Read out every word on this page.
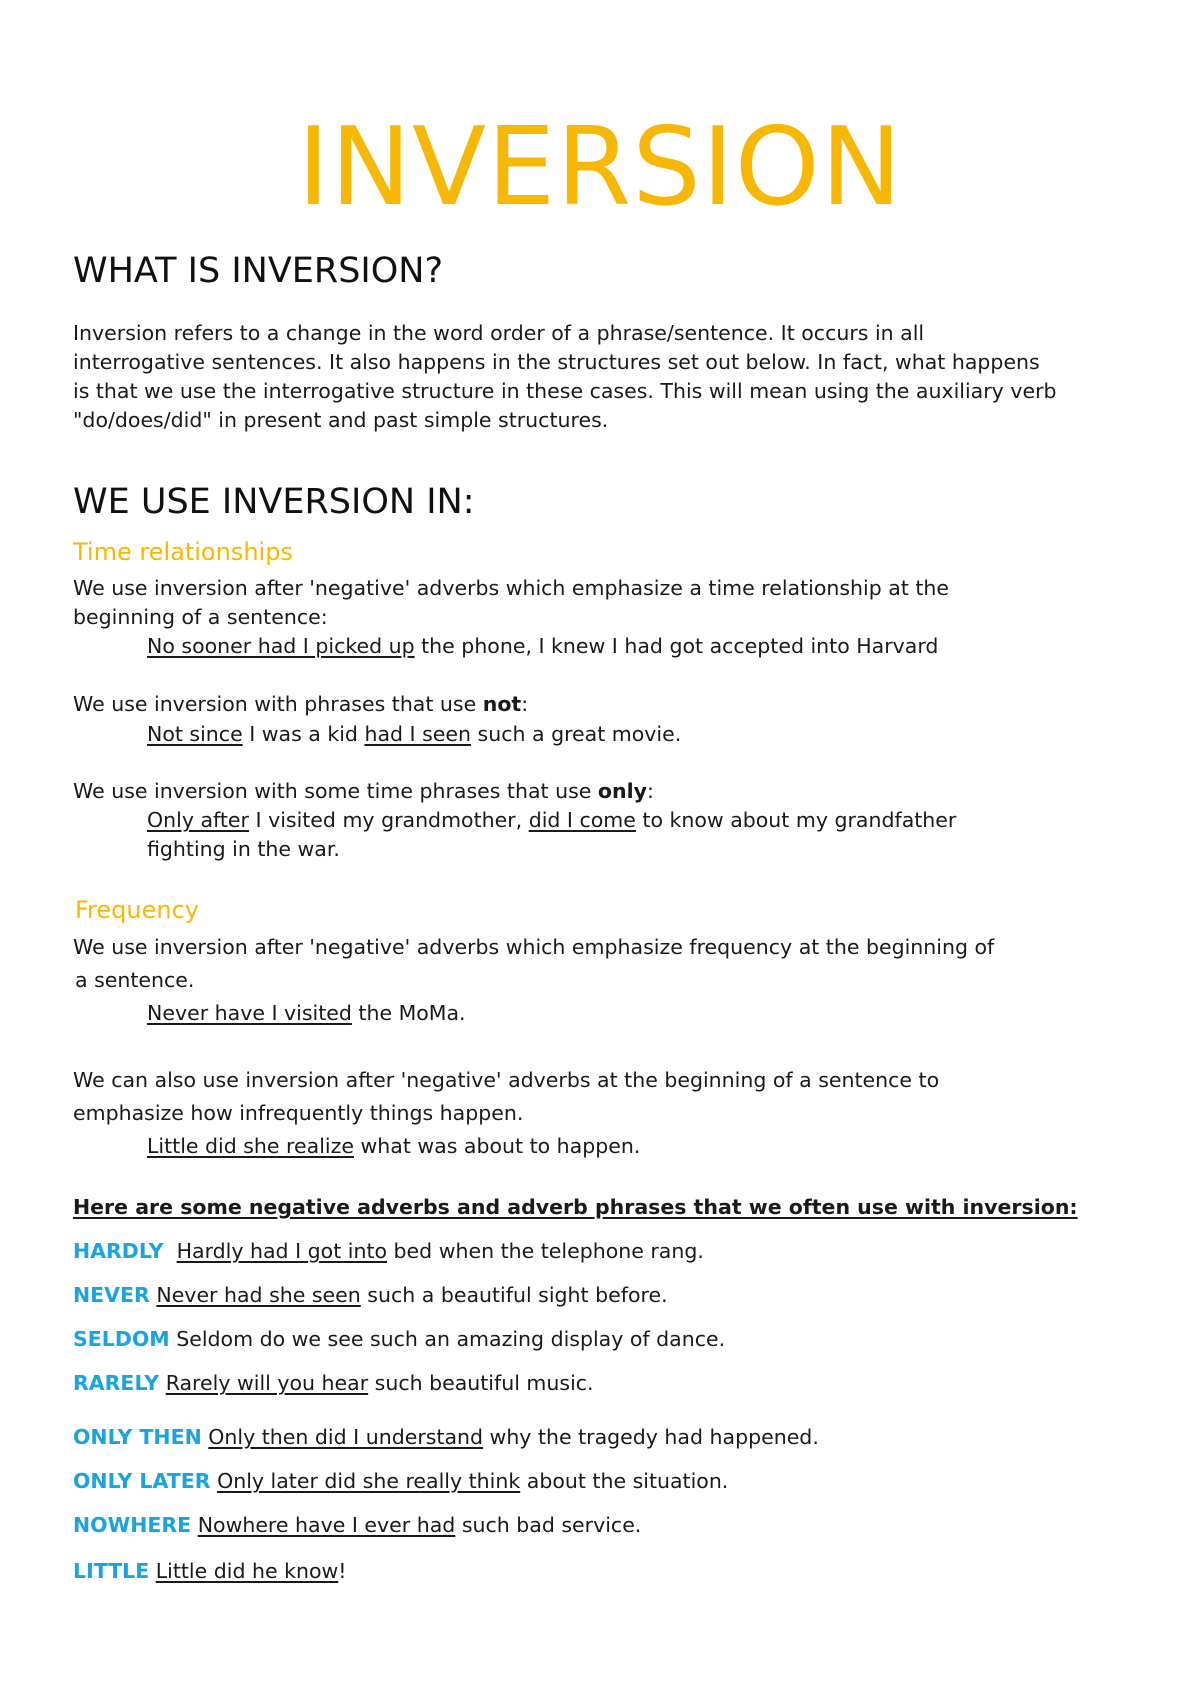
INVERSION
WHAT IS INVERSION?
Inversion refers to a change in the word order of a phrase/sentence. It occurs in all
interrogative sentences. It also happens in the structures set out below. In fact, what happens
is that we use the interrogative structure in these cases. This will mean using the auxiliary verb
"do/does/did" in present and past simple structures.
WE USE INVERSION IN:
Time relationships
We use inversion after 'negative' adverbs which emphasize a time relationship at the
beginning of a sentence:
No sooner had I picked up the phone, I knew I had got accepted into Harvard
We use inversion with phrases that use not:
Not since I was a kid had I seen such a great movie.
We use inversion with some time phrases that use only:
Only after I visited my grandmother, did I come to know about my grandfather
fighting in the war.
Frequency
We use inversion after 'negative' adverbs which emphasize frequency at the beginning of
a sentence.
Never have I visited the MoMa.
We can also use inversion after 'negative' adverbs at the beginning of a sentence to
emphasize how infrequently things happen.
Little did she realize what was about to happen.
Here are some negative adverbs and adverb phrases that we often use with inversion:
HARDLY Hardly had I got into bed when the telephone rang.
NEVER Never had she seen such a beautiful sight before.
SELDOM Seldom do we see such an amazing display of dance.
RARELY Rarely will you hear such beautiful music.
ONLY THEN Only then did I understand why the tragedy had happened.
ONLY LATER Only later did she really think about the situation.
NOWHERE Nowhere have I ever had such bad service.
LITTLE Little did he know!
